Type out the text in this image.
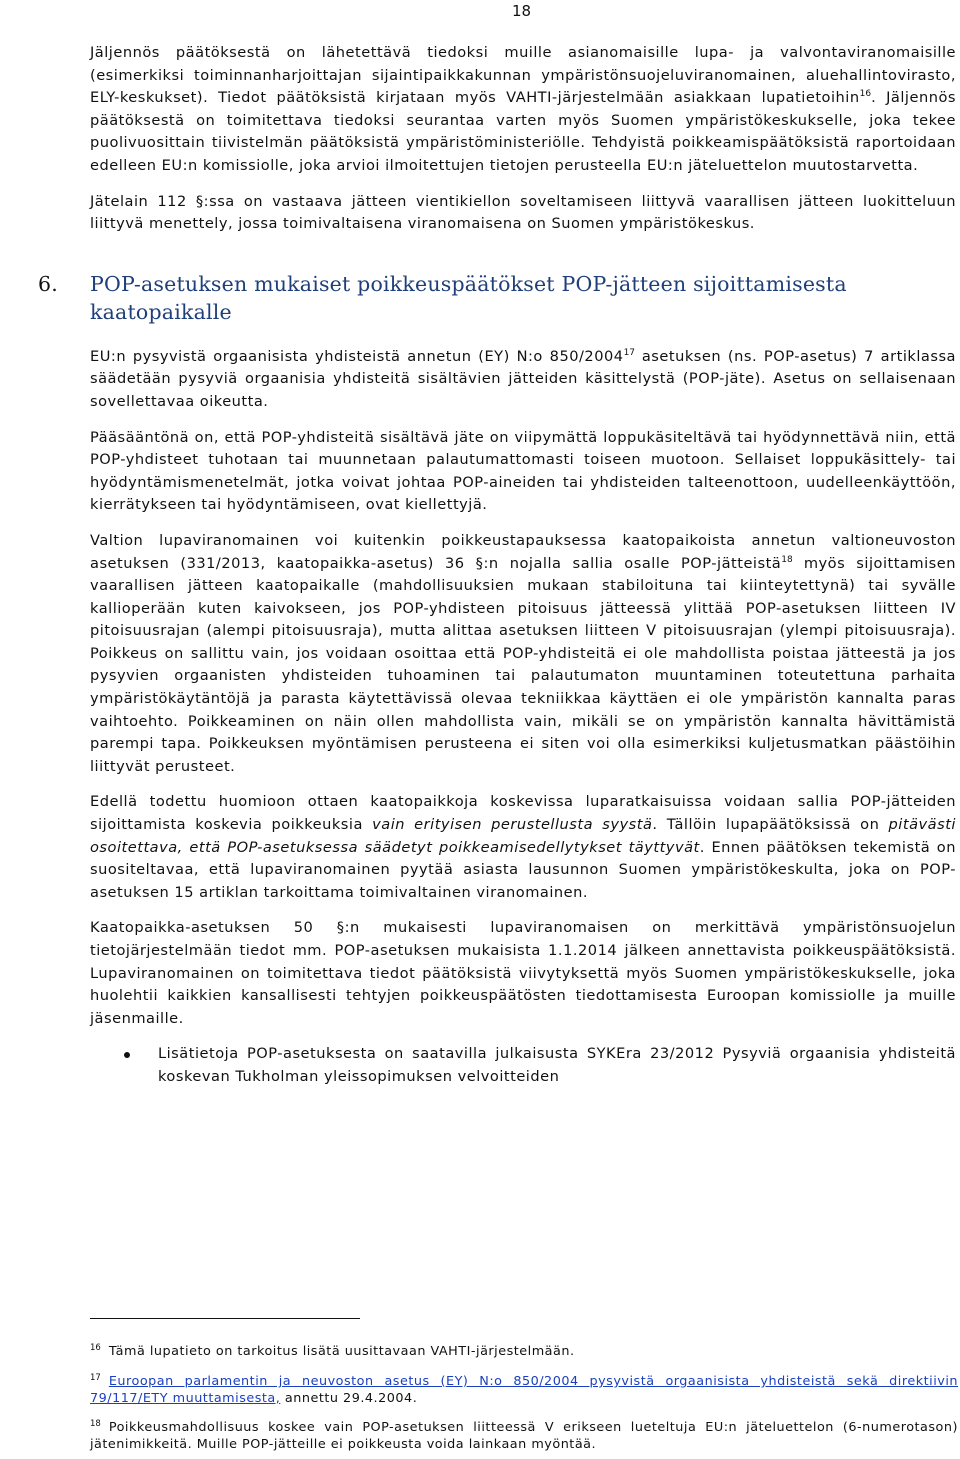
18

Jäljennös päätöksestä on lähetettävä tiedoksi muille asianomaisille lupa- ja valvontaviranomaisille (esimerkiksi toiminnanharjoittajan sijaintipaikkakunnan ympäristönsuojeluviranomainen, aluehallintovirasto, ELY-keskukset). Tiedot päätöksistä kirjataan myös VAHTI-järjestelmään asiakkaan lupatietoihin$^{16}$. Jäljennös päätöksestä on toimitettava tiedoksi seurantaa varten myös Suomen ympäristökeskukselle, joka tekee puolivuosittain tiivistelmän päätöksistä ympäristöministeriölle. Tehdyistä poikkeamispäätöksistä raportoidaan edelleen EU:n komissiolle, joka arvioi ilmoitettujen tietojen perusteella EU:n jäteluettelon muutostarvetta.

Jätelain 112 §:ssa on vastaava jätteen vientikiellon soveltamiseen liittyvä vaarallisen jätteen luokitteluun liittyvä menettely, jossa toimivaltaisena viranomaisena on Suomen ympäristökeskus.

6. POP-asetuksen mukaiset poikkeuspäätökset POP-jätteen sijoittamisesta kaatopaikalle

EU:n pysyvistä orgaanisista yhdisteistä annetun (EY) N:o 850/2004$^{17}$ asetuksen (ns. POP-asetus) 7 artiklassa säädetään pysyviä orgaanisia yhdisteitä sisältävien jätteiden käsittelystä (POP-jäte). Asetus on sellaisenaan sovellettavaa oikeutta.

Pääsääntönä on, että POP-yhdisteitä sisältävä jäte on viipymättä loppukäsiteltävä tai hyödynnettävä niin, että POP-yhdisteet tuhotaan tai muunnetaan palautumattomasti toiseen muotoon. Sellaiset loppukäsittely- tai hyödyntämismenetelmät, jotka voivat johtaa POP-aineiden tai yhdisteiden talteenottoon, uudelleenkäyttöön, kierrätykseen tai hyödyntämiseen, ovat kiellettyjä.

Valtion lupaviranomainen voi kuitenkin poikkeustapauksessa kaatopaikoista annetun valtioneuvoston asetuksen (331/2013, kaatopaikka-asetus) 36 §:n nojalla sallia osalle POP-jätteistä$^{18}$ myös sijoittamisen vaarallisen jätteen kaatopaikalle (mahdollisuuksien mukaan stabiloituna tai kiinteytettynä) tai syvälle kallioperään kuten kaivokseen, jos POP-yhdisteen pitoisuus jätteessä ylittää POP-asetuksen liitteen IV pitoisuusrajan (alempi pitoisuusraja), mutta alittaa asetuksen liitteen V pitoisuusrajan (ylempi pitoisuusraja). Poikkeus on sallittu vain, jos voidaan osoittaa että POP-yhdisteitä ei ole mahdollista poistaa jätteestä ja jos pysyvien orgaanisten yhdisteiden tuhoaminen tai palautumaton muuntaminen toteutettuna parhaita ympäristökäytäntöjä ja parasta käytettävissä olevaa tekniikkaa käyttäen ei ole ympäristön kannalta paras vaihtoehto. Poikkeaminen on näin ollen mahdollista vain, mikäli se on ympäristön kannalta hävittämistä parempi tapa. Poikkeuksen myöntämisen perusteena ei siten voi olla esimerkiksi kuljetusmatkan päästöihin liittyvät perusteet.

Edellä todettu huomioon ottaen kaatopaikkoja koskevissa luparatkaisuissa voidaan sallia POP-jätteiden sijoittamista koskevia poikkeuksia vain erityisen perustellusta syystä. Tällöin lupapäätöksissä on pitävästi osoitettava, että POP-asetuksessa säädetyt poikkeamisedellytykset täyttyvät. Ennen päätöksen tekemistä on suositeltavaa, että lupaviranomainen pyytää asiasta lausunnon Suomen ympäristökeskulta, joka on POP-asetuksen 15 artiklan tarkoittama toimivaltainen viranomainen.

Kaatopaikka-asetuksen 50 §:n mukaisesti lupaviranomaisen on merkittävä ympäristönsuojelun tietojärjestelmään tiedot mm. POP-asetuksen mukaisista 1.1.2014 jälkeen annettavista poikkeuspäätöksistä. Lupaviranomainen on toimitettava tiedot päätöksistä viivytyksettä myös Suomen ympäristökeskukselle, joka huolehtii kaikkien kansallisesti tehtyjen poikkeuspäätösten tiedottamisesta Euroopan komissiolle ja muille jäsenmaille.

Lisätietoja POP-asetuksesta on saatavilla julkaisusta SYKEra 23/2012 Pysyviä orgaanisia yhdisteitä koskevan Tukholman yleissopimuksen velvoitteiden
$^{16}$ Tämä lupatieto on tarkoitus lisätä uusittavaan VAHTI-järjestelmään.
$^{17}$ Euroopan parlamentin ja neuvoston asetus (EY) N:o 850/2004 pysyvistä orgaanisista yhdisteistä sekä direktiivin 79/117/ETY muuttamisesta, annettu 29.4.2004.
$^{18}$ Poikkeusmahdollisuus koskee vain POP-asetuksen liitteessä V erikseen lueteltuja EU:n jäteluettelon (6-numerotason) jätenimikkeitä. Muille POP-jätteille ei poikkeusta voida lainkaan myöntää.
